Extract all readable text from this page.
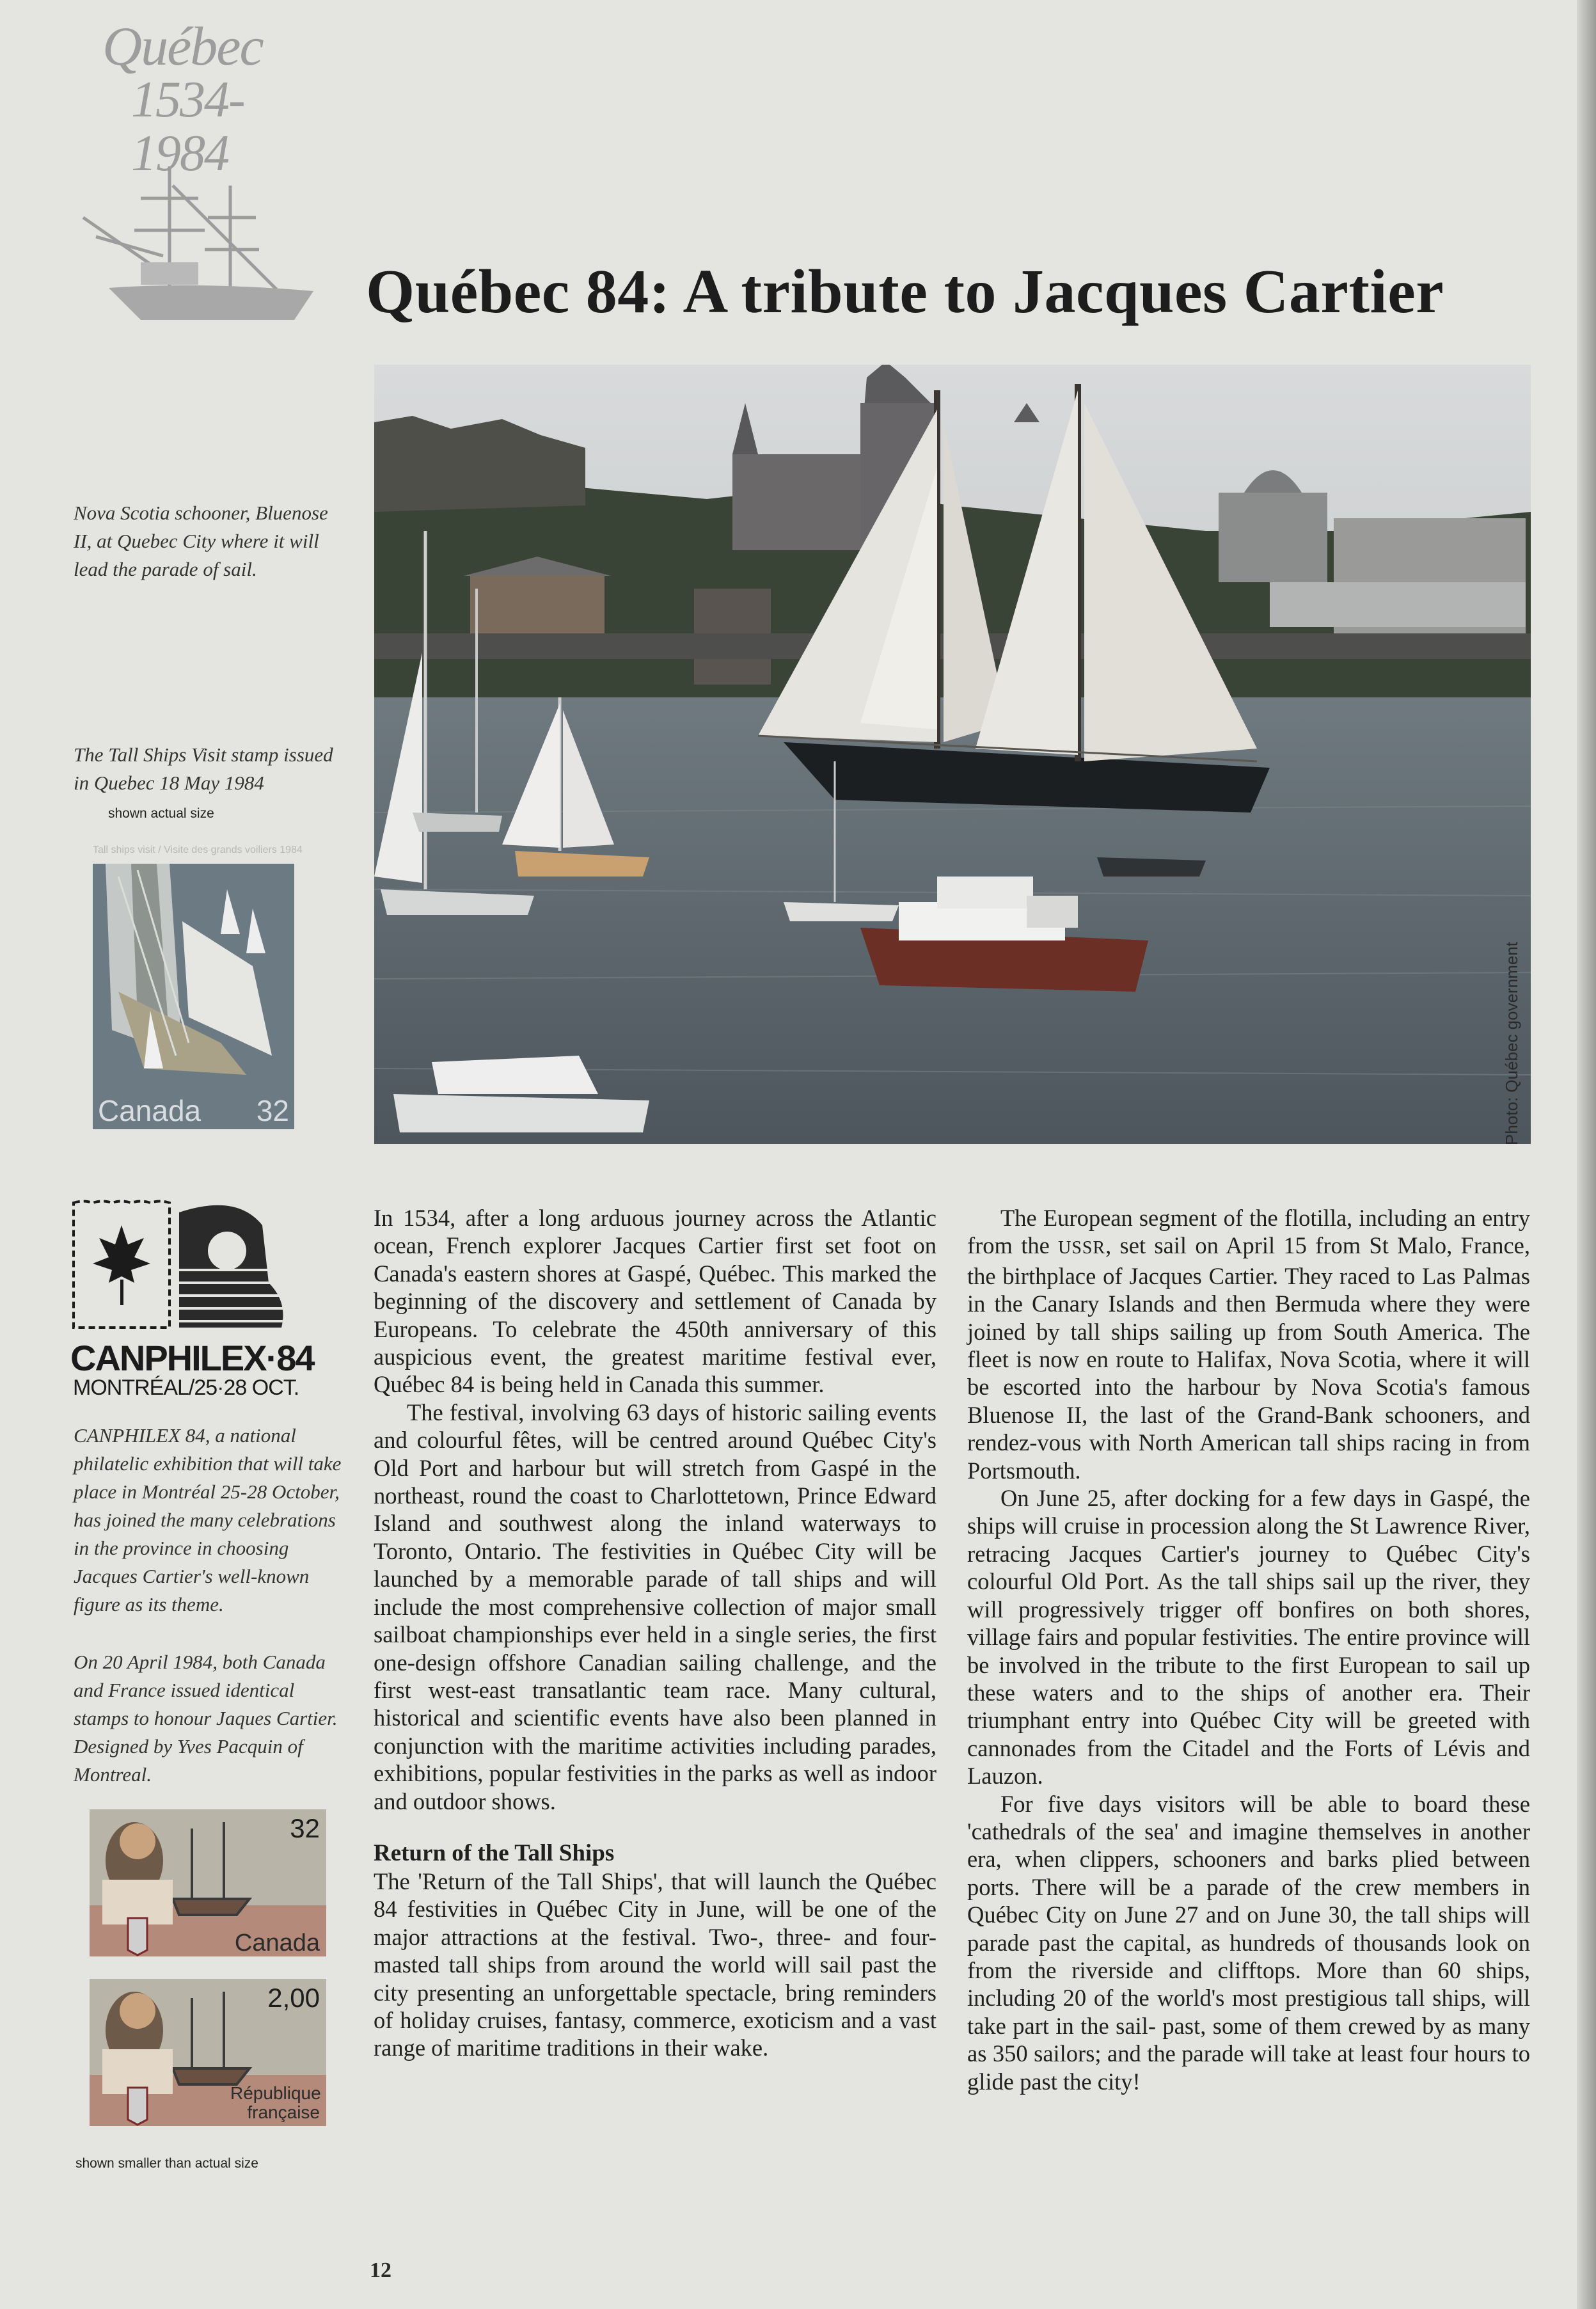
Québec
1534-1984
Québec 84: A tribute to Jacques Cartier
Photo: Québec government

Nova Scotia schooner, Bluenose II, at Quebec City where it will lead the parade of sail.

The Tall Ships Visit stamp issued in Quebec 18 May 1984 shown actual size

Tall ships visit / Visite des grands voiliers 1984
Canada 32
CANPHILEX·84
MONTRÉAL/25·28 OCT.

CANPHILEX 84, a national philatelic exhibition that will take place in Montréal 25-28 October, has joined the many celebrations in the province in choosing Jacques Cartier's well-known figure as its theme.

On 20 April 1984, both Canada and France issued identical stamps to honour Jaques Cartier. Designed by Yves Pacquin of Montreal.

32
Canada
2,00
République française
shown smaller than actual size

In 1534, after a long arduous journey across the Atlantic ocean, French explorer Jacques Cartier first set foot on Canada's eastern shores at Gaspé, Québec. This marked the beginning of the discovery and settlement of Canada by Europeans. To celebrate the 450th anniversary of this auspicious event, the greatest maritime festival ever, Québec 84 is being held in Canada this summer.

The festival, involving 63 days of historic sailing events and colourful fêtes, will be centred around Québec City's Old Port and harbour but will stretch from Gaspé in the northeast, round the coast to Charlottetown, Prince Edward Island and southwest along the inland waterways to Toronto, Ontario. The festivities in Québec City will be launched by a memorable parade of tall ships and will include the most comprehensive collection of major small sailboat championships ever held in a single series, the first one-design offshore Canadian sailing challenge, and the first west-east transatlantic team race. Many cultural, historical and scientific events have also been planned in conjunction with the maritime activities including parades, exhibitions, popular festivities in the parks as well as indoor and outdoor shows.

Return of the Tall Ships

The 'Return of the Tall Ships', that will launch the Québec 84 festivities in Québec City in June, will be one of the major attractions at the festival. Two-, three- and four-masted tall ships from around the world will sail past the city presenting an unforgettable spectacle, bring reminders of holiday cruises, fantasy, commerce, exoticism and a vast range of maritime traditions in their wake.

The European segment of the flotilla, including an entry from the USSR, set sail on April 15 from St Malo, France, the birthplace of Jacques Cartier. They raced to Las Palmas in the Canary Islands and then Bermuda where they were joined by tall ships sailing up from South America. The fleet is now en route to Halifax, Nova Scotia, where it will be escorted into the harbour by Nova Scotia's famous Bluenose II, the last of the Grand-Bank schooners, and rendez-vous with North American tall ships racing in from Portsmouth.

On June 25, after docking for a few days in Gaspé, the ships will cruise in procession along the St Lawrence River, retracing Jacques Cartier's journey to Québec City's colourful Old Port. As the tall ships sail up the river, they will progressively trigger off bonfires on both shores, village fairs and popular festivities. The entire province will be involved in the tribute to the first European to sail up these waters and to the ships of another era. Their triumphant entry into Québec City will be greeted with cannonades from the Citadel and the Forts of Lévis and Lauzon.

For five days visitors will be able to board these 'cathedrals of the sea' and imagine themselves in another era, when clippers, schooners and barks plied between ports. There will be a parade of the crew members in Québec City on June 27 and on June 30, the tall ships will parade past the capital, as hundreds of thousands look on from the riverside and clifftops. More than 60 ships, including 20 of the world's most prestigious tall ships, will take part in the sail- past, some of them crewed by as many as 350 sailors; and the parade will take at least four hours to glide past the city!

12
